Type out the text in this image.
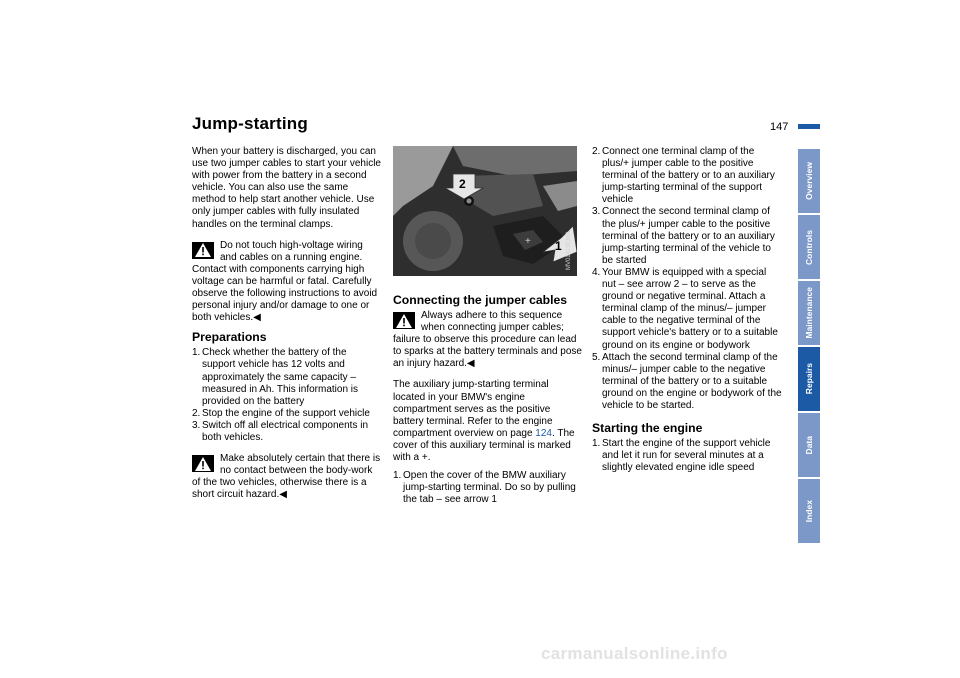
Jump-starting	147

When your battery is discharged, you can use two jumper cables to start your vehicle with power from the battery in a second vehicle. You can also use the same method to help start another vehicle. Use only jumper cables with fully insulated handles on the terminal clamps.

Do not touch high-voltage wiring and cables on a running engine. Contact with components carrying high voltage can be harmful or fatal. Carefully observe the following instructions to avoid personal injury and/or damage to one or both vehicles.◀

Preparations
1. Check whether the battery of the support vehicle has 12 volts and approximately the same capacity – measured in Ah. This information is provided on the battery
2. Stop the engine of the support vehicle
3. Switch off all electrical components in both vehicles.

Make absolutely certain that there is no contact between the body-work of the two vehicles, otherwise there is a short circuit hazard.◀

+
2
1 MV01419CMA
Connecting the jumper cables

Always adhere to this sequence when connecting jumper cables; failure to observe this procedure can lead to sparks at the battery terminals and pose an injury hazard.◀

The auxiliary jump-starting terminal located in your BMW's engine compartment serves as the positive battery terminal. Refer to the engine compartment overview on page 124. The cover of this auxiliary terminal is marked with a +.

1. Open the cover of the BMW auxiliary jump-starting terminal. Do so by pulling the tab – see arrow 1
2. Connect one terminal clamp of the plus/+ jumper cable to the positive terminal of the battery or to an auxiliary jump-starting terminal of the support vehicle
3. Connect the second terminal clamp of the plus/+ jumper cable to the positive terminal of the battery or to an auxiliary jump-starting terminal of the vehicle to be started
4. Your BMW is equipped with a special nut – see arrow 2 – to serve as the ground or negative terminal. Attach a terminal clamp of the minus/– jumper cable to the negative terminal of the support vehicle's battery or to a suitable ground on its engine or bodywork
5. Attach the second terminal clamp of the minus/– jumper cable to the negative terminal of the battery or to a suitable ground on the engine or bodywork of the vehicle to be started.
Starting the engine
1. Start the engine of the support vehicle and let it run for several minutes at a slightly elevated engine idle speed
Overview
Controls
Maintenance
Repairs
Data
Index
carmanualsonline.info
